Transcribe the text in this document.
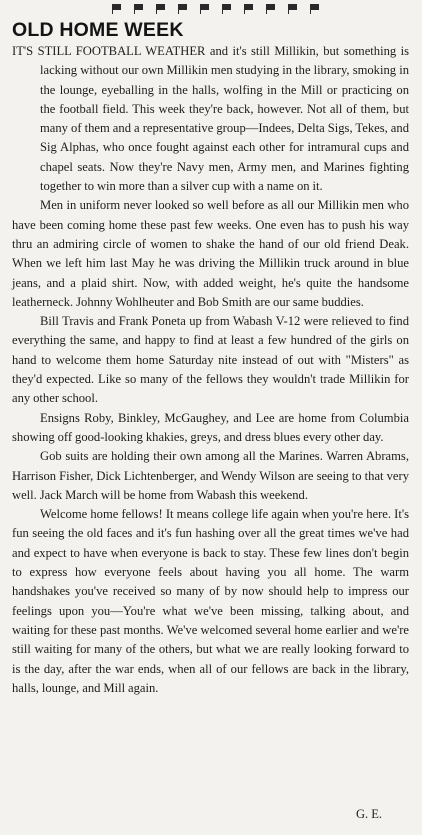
OLD HOME WEEK

IT'S STILL FOOTBALL WEATHER and it's still Millikin, but something is lacking without our own Millikin men studying in the library, smoking in the lounge, eyeballing in the halls, wolfing in the Mill or practicing on the football field. This week they're back, however. Not all of them, but many of them and a representative group—Indees, Delta Sigs, Tekes, and Sig Alphas, who once fought against each other for intramural cups and chapel seats. Now they're Navy men, Army men, and Marines fighting together to win more than a silver cup with a name on it.

Men in uniform never looked so well before as all our Millikin men who have been coming home these past few weeks. One even has to push his way thru an admiring circle of women to shake the hand of our old friend Deak. When we left him last May he was driving the Millikin truck around in blue jeans, and a plaid shirt. Now, with added weight, he's quite the handsome leatherneck. Johnny Wohlheuter and Bob Smith are our same buddies.

Bill Travis and Frank Poneta up from Wabash V-12 were relieved to find everything the same, and happy to find at least a few hundred of the girls on hand to welcome them home Saturday nite instead of out with "Misters" as they'd expected. Like so many of the fellows they wouldn't trade Millikin for any other school.

Ensigns Roby, Binkley, McGaughey, and Lee are home from Columbia showing off good-looking khakies, greys, and dress blues every other day.

Gob suits are holding their own among all the Marines. Warren Abrams, Harrison Fisher, Dick Lichtenberger, and Wendy Wilson are seeing to that very well. Jack March will be home from Wabash this weekend.

Welcome home fellows! It means college life again when you're here. It's fun seeing the old faces and it's fun hashing over all the great times we've had and expect to have when everyone is back to stay. These few lines don't begin to express how everyone feels about having you all home. The warm handshakes you've received so many of by now should help to impress our feelings upon you—You're what we've been missing, talking about, and waiting for these past months. We've welcomed several home earlier and we're still waiting for many of the others, but what we are really looking forward to is the day, after the war ends, when all of our fellows are back in the library, halls, lounge, and Mill again.

G. E.
